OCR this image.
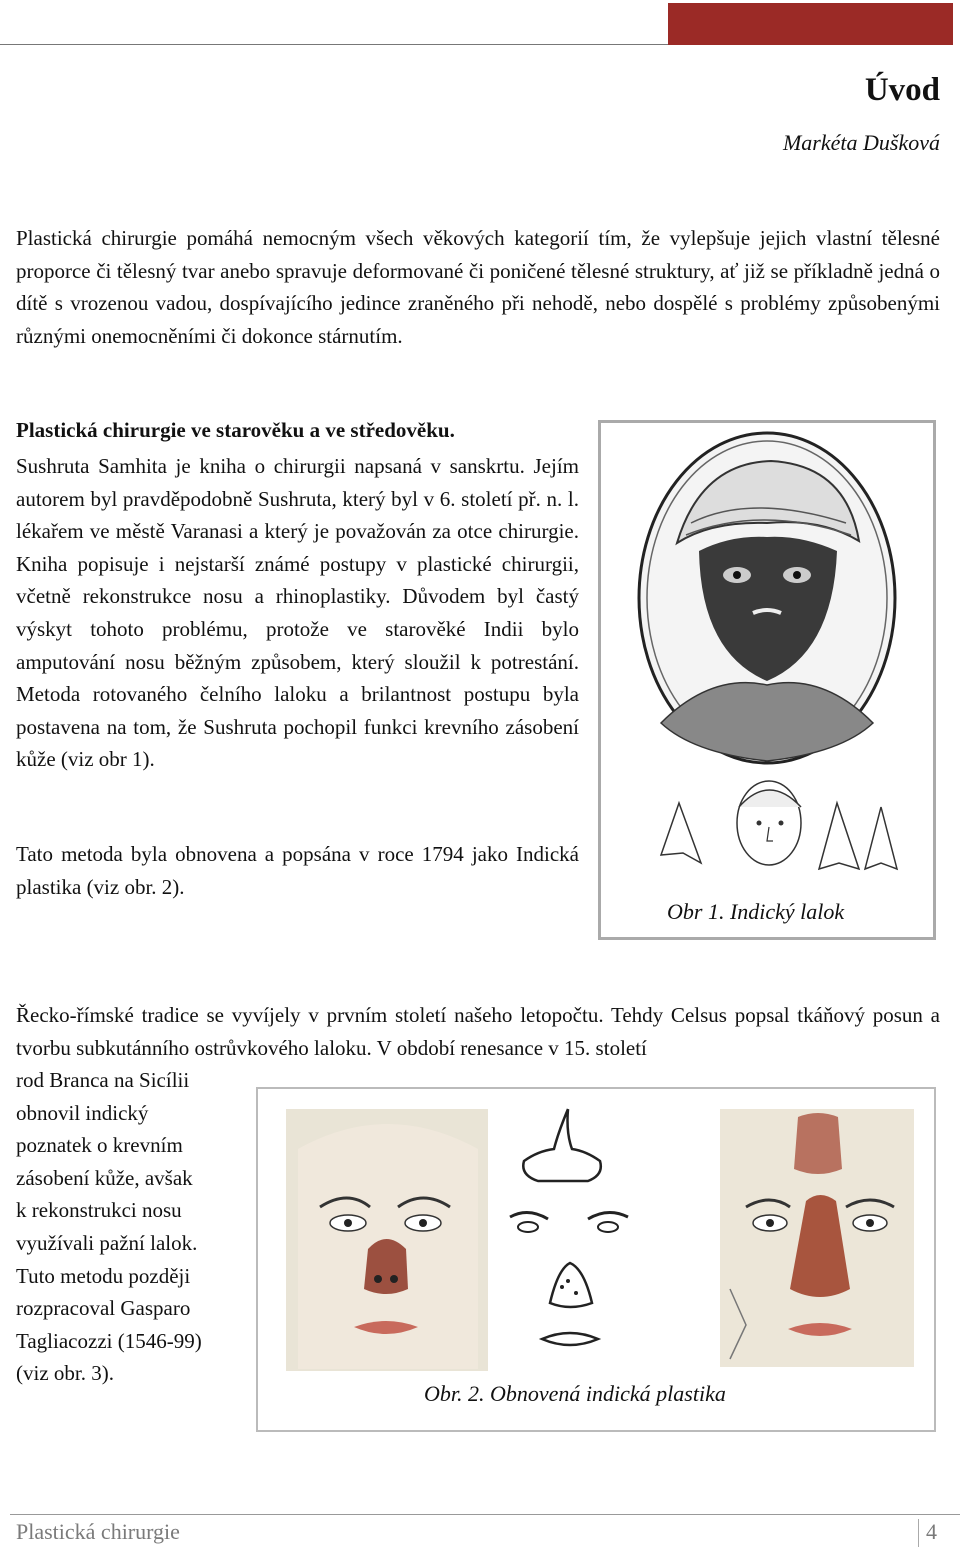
Úvod
Markéta Dušková

Plastická chirurgie pomáhá nemocným všech věkových kategorií tím, že vylepšuje jejich vlastní tělesné proporce či tělesný tvar anebo spravuje deformované či poničené tělesné struktury, ať již se příkladně jedná o dítě s vrozenou vadou, dospívajícího jedince zraněného při nehodě, nebo dospělé s problémy způsobenými různými onemocněními či dokonce stárnutím.

Plastická chirurgie ve starověku a ve středověku.

Sushruta Samhita je kniha o chirurgii napsaná v sanskrtu. Jejím autorem byl pravděpodobně Sushruta, který byl v 6. století př. n. l. lékařem ve městě Varanasi a který je považován za otce chirurgie. Kniha popisuje i nejstarší známé postupy v plastické chirurgii, včetně rekonstrukce nosu a rhinoplastiky. Důvodem byl častý výskyt tohoto problému, protože ve starověké Indii bylo amputování nosu běžným způsobem, který sloužil k potrestání. Metoda rotovaného čelního laloku a brilantnost postupu byla postavena na tom, že Sushruta pochopil funkci krevního zásobení kůže (viz obr 1).

Tato metoda byla obnovena a popsána v roce 1794 jako Indická plastika (viz obr. 2).

Obr 1. Indický lalok

Řecko-římské tradice se vyvíjely v prvním století našeho letopočtu. Tehdy Celsus popsal tkáňový posun a tvorbu subkutánního ostrůvkového laloku. V období renesance v 15. století

rod Branca na Sicílii
obnovil indický
poznatek o krevním
zásobení kůže, avšak
k rekonstrukci nosu
využívali pažní lalok.
Tuto metodu později
rozpracoval Gasparo
Tagliacozzi (1546-99)
(viz obr. 3).
Obr. 2. Obnovená indická plastika
Plastická chirurgie	4
